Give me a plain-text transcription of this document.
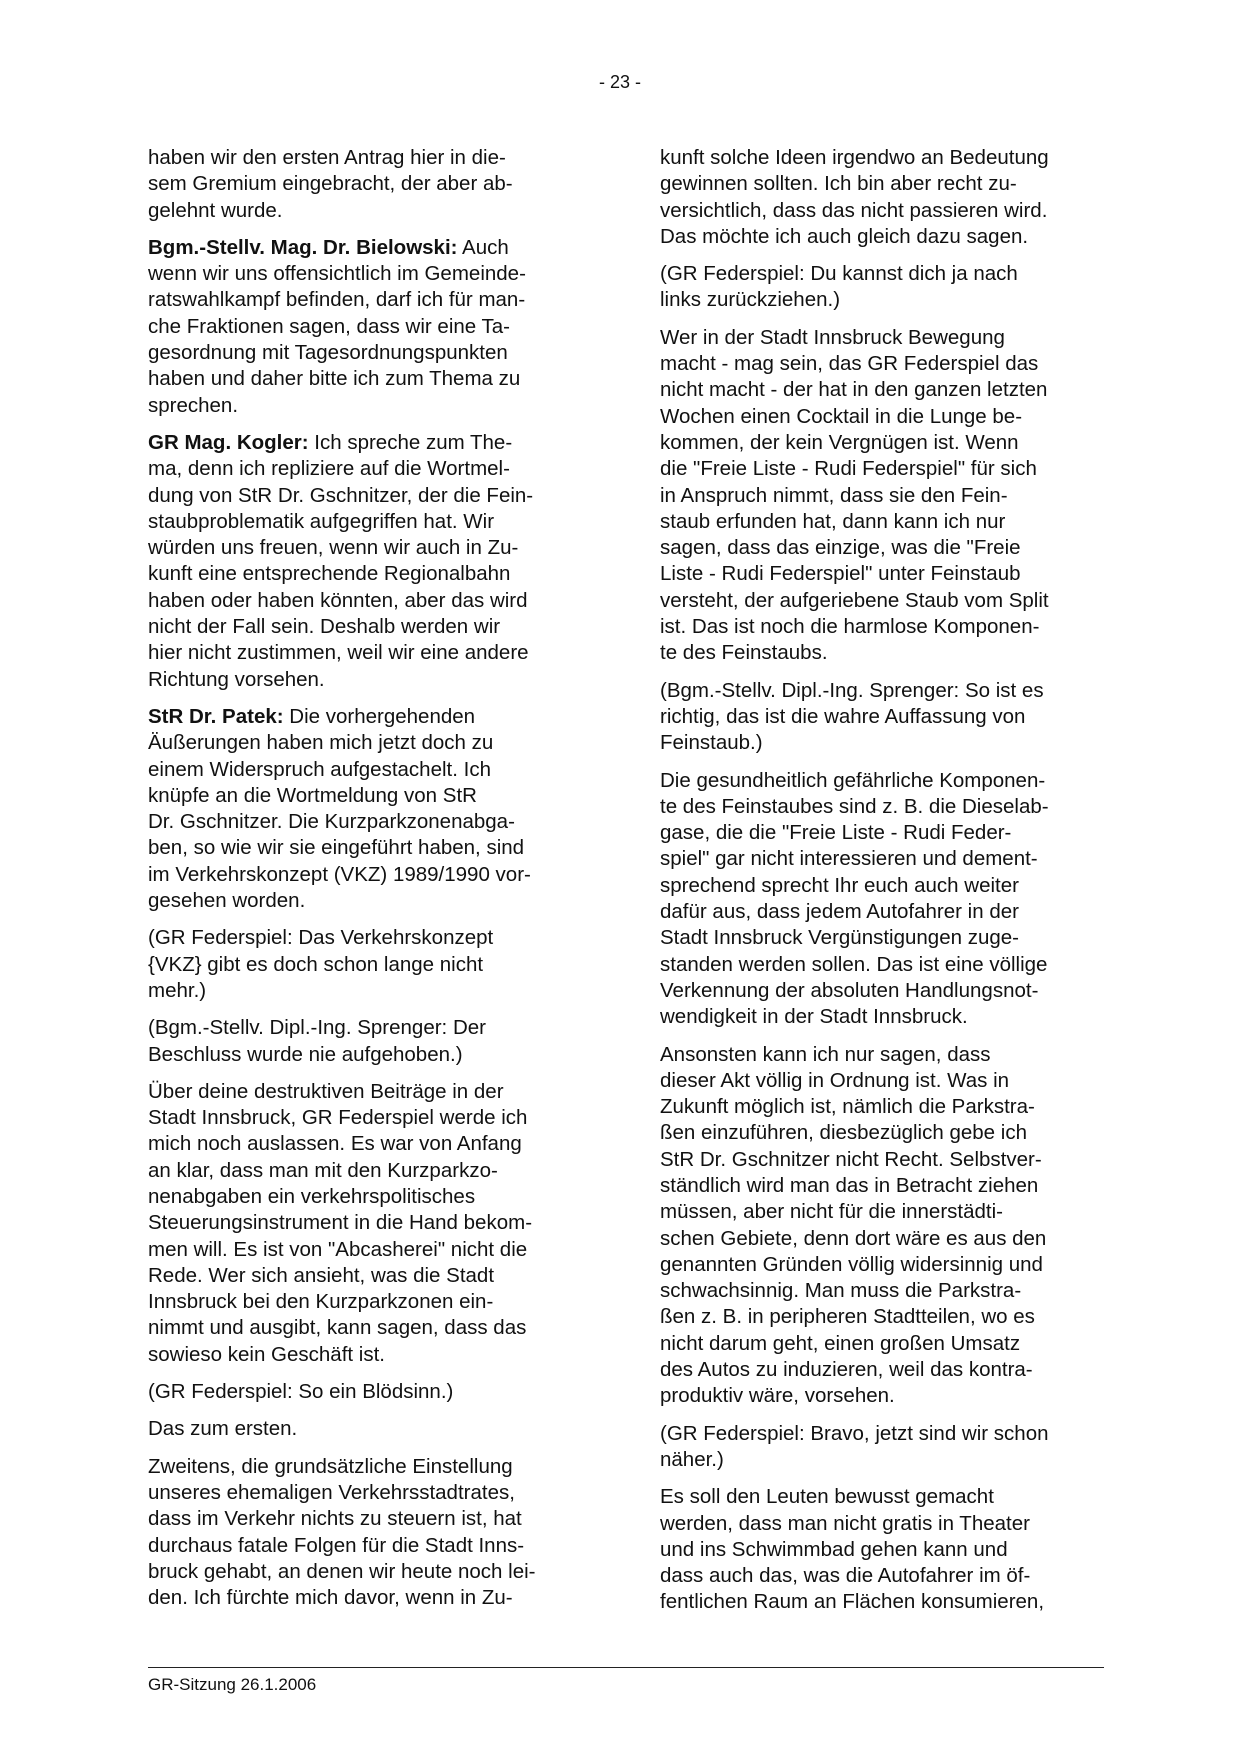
- 23 -

haben wir den ersten Antrag hier in die-
sem Gremium eingebracht, der aber ab-
gelehnt wurde.

Bgm.-Stellv. Mag. Dr. Bielowski: Auch
wenn wir uns offensichtlich im Gemeinde-
ratswahlkampf befinden, darf ich für man-
che Fraktionen sagen, dass wir eine Ta-
gesordnung mit Tagesordnungspunkten
haben und daher bitte ich zum Thema zu
sprechen.

GR Mag. Kogler: Ich spreche zum The-
ma, denn ich repliziere auf die Wortmel-
dung von StR Dr. Gschnitzer, der die Fein-
staubproblematik aufgegriffen hat. Wir
würden uns freuen, wenn wir auch in Zu-
kunft eine entsprechende Regionalbahn
haben oder haben könnten, aber das wird
nicht der Fall sein. Deshalb werden wir
hier nicht zustimmen, weil wir eine andere
Richtung vorsehen.

StR Dr. Patek: Die vorhergehenden
Äußerungen haben mich jetzt doch zu
einem Widerspruch aufgestachelt. Ich
knüpfe an die Wortmeldung von StR
Dr. Gschnitzer. Die Kurzparkzonenabga-
ben, so wie wir sie eingeführt haben, sind
im Verkehrskonzept (VKZ) 1989/1990 vor-
gesehen worden.

(GR Federspiel: Das Verkehrskonzept
{VKZ} gibt es doch schon lange nicht
mehr.)

(Bgm.-Stellv. Dipl.-Ing. Sprenger: Der
Beschluss wurde nie aufgehoben.)

Über deine destruktiven Beiträge in der
Stadt Innsbruck, GR Federspiel werde ich
mich noch auslassen. Es war von Anfang
an klar, dass man mit den Kurzparkzo-
nenabgaben ein verkehrspolitisches
Steuerungsinstrument in die Hand bekom-
men will. Es ist von "Abcasherei" nicht die
Rede. Wer sich ansieht, was die Stadt
Innsbruck bei den Kurzparkzonen ein-
nimmt und ausgibt, kann sagen, dass das
sowieso kein Geschäft ist.

(GR Federspiel: So ein Blödsinn.)

Das zum ersten.

Zweitens, die grundsätzliche Einstellung
unseres ehemaligen Verkehrsstadtrates,
dass im Verkehr nichts zu steuern ist, hat
durchaus fatale Folgen für die Stadt Inns-
bruck gehabt, an denen wir heute noch lei-
den. Ich fürchte mich davor, wenn in Zu-

kunft solche Ideen irgendwo an Bedeutung
gewinnen sollten. Ich bin aber recht zu-
versichtlich, dass das nicht passieren wird.
Das möchte ich auch gleich dazu sagen.

(GR Federspiel: Du kannst dich ja nach
links zurückziehen.)

Wer in der Stadt Innsbruck Bewegung
macht - mag sein, das GR Federspiel das
nicht macht - der hat in den ganzen letzten
Wochen einen Cocktail in die Lunge be-
kommen, der kein Vergnügen ist. Wenn
die "Freie Liste - Rudi Federspiel" für sich
in Anspruch nimmt, dass sie den Fein-
staub erfunden hat, dann kann ich nur
sagen, dass das einzige, was die "Freie
Liste - Rudi Federspiel" unter Feinstaub
versteht, der aufgeriebene Staub vom Split
ist. Das ist noch die harmlose Komponen-
te des Feinstaubs.

(Bgm.-Stellv. Dipl.-Ing. Sprenger: So ist es
richtig, das ist die wahre Auffassung von
Feinstaub.)

Die gesundheitlich gefährliche Komponen-
te des Feinstaubes sind z. B. die Dieselab-
gase, die die "Freie Liste - Rudi Feder-
spiel" gar nicht interessieren und dement-
sprechend sprecht Ihr euch auch weiter
dafür aus, dass jedem Autofahrer in der
Stadt Innsbruck Vergünstigungen zuge-
standen werden sollen. Das ist eine völlige
Verkennung der absoluten Handlungsnot-
wendigkeit in der Stadt Innsbruck.

Ansonsten kann ich nur sagen, dass
dieser Akt völlig in Ordnung ist. Was in
Zukunft möglich ist, nämlich die Parkstra-
ßen einzuführen, diesbezüglich gebe ich
StR Dr. Gschnitzer nicht Recht. Selbstver-
ständlich wird man das in Betracht ziehen
müssen, aber nicht für die innerstädti-
schen Gebiete, denn dort wäre es aus den
genannten Gründen völlig widersinnig und
schwachsinnig. Man muss die Parkstra-
ßen z. B. in peripheren Stadtteilen, wo es
nicht darum geht, einen großen Umsatz
des Autos zu induzieren, weil das kontra-
produktiv wäre, vorsehen.

(GR Federspiel: Bravo, jetzt sind wir schon
näher.)

Es soll den Leuten bewusst gemacht
werden, dass man nicht gratis in Theater
und ins Schwimmbad gehen kann und
dass auch das, was die Autofahrer im öf-
fentlichen Raum an Flächen konsumieren,

GR-Sitzung 26.1.2006
